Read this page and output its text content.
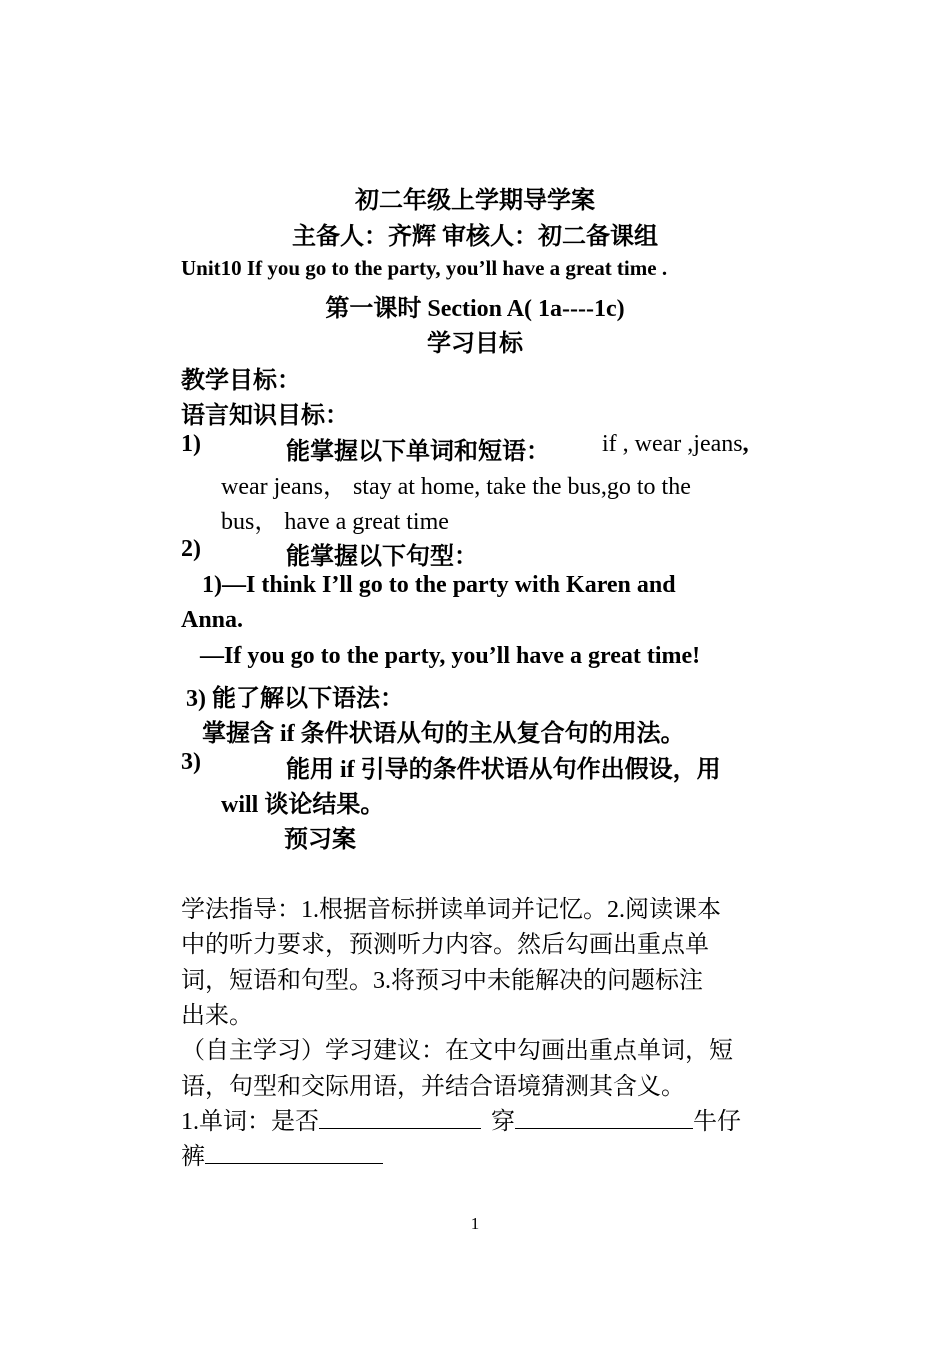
初二年级上学期导学案
主备人：齐辉 审核人：初二备课组
Unit10 If you go to the party, you’ll have a great time .
第一课时 Section A( 1a----1c)
学习目标
教学目标：
语言知识目标：
1)	能掌握以下单词和短语： if , wear ,jeans,
wear jeans， stay at home, take the bus,go to the
bus， have a great time
2)	能掌握以下句型：
1)—I think I’ll go to the party with Karen and
Anna.
—If you go to the party, you’ll have a great time!
3) 能了解以下语法：
掌握含 if 条件状语从句的主从复合句的用法。
3)	能用 if 引导的条件状语从句作出假设，用
will 谈论结果。
预习案
学法指导：1.根据音标拼读单词并记忆。2.阅读课本
中的听力要求，预测听力内容。然后勾画出重点单
词，短语和句型。3.将预习中未能解决的问题标注
出来。
（自主学习）学习建议：在文中勾画出重点单词，短
语，句型和交际用语，并结合语境猜测其含义。
1.单词：是否	穿	牛仔
裤
1
